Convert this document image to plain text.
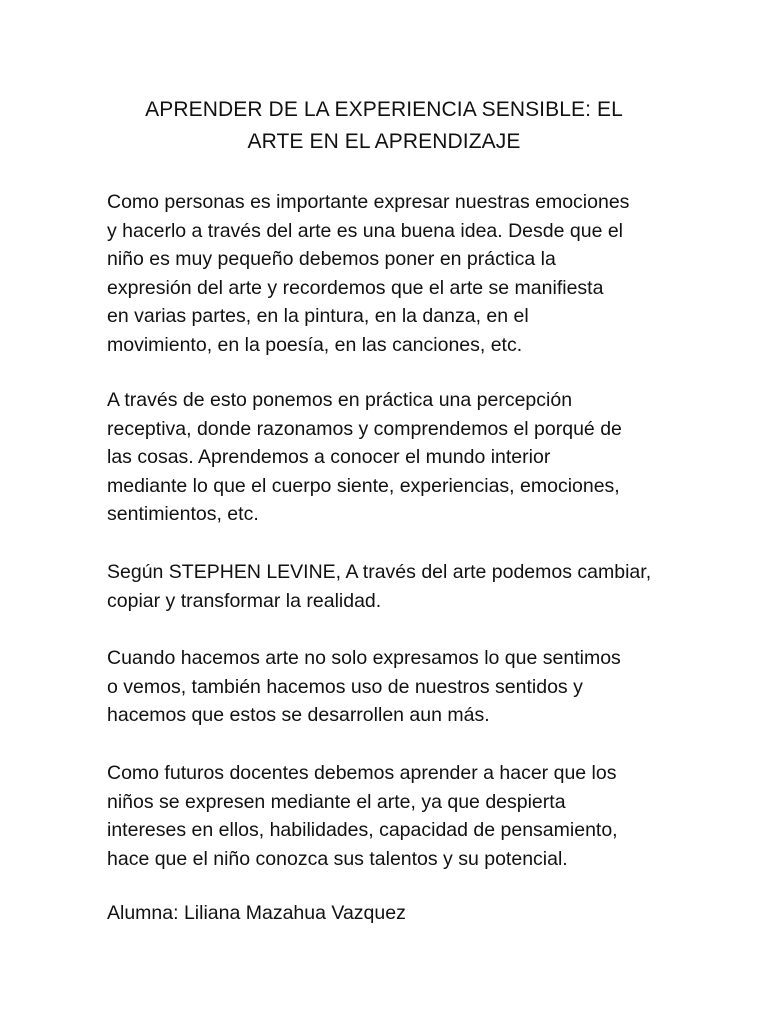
APRENDER DE LA EXPERIENCIA SENSIBLE: EL
ARTE EN EL APRENDIZAJE

Como personas es importante expresar nuestras emociones
y hacerlo a través del arte es una buena idea. Desde que el
niño es muy pequeño debemos poner en práctica la
expresión del arte y recordemos que el arte se manifiesta
en varias partes, en la pintura, en la danza, en el
movimiento, en la poesía, en las canciones, etc.

A través de esto ponemos en práctica una percepción
receptiva, donde razonamos y comprendemos el porqué de
las cosas. Aprendemos a conocer el mundo interior
mediante lo que el cuerpo siente, experiencias, emociones,
sentimientos, etc.

Según STEPHEN LEVINE, A través del arte podemos cambiar,
copiar y transformar la realidad.

Cuando hacemos arte no solo expresamos lo que sentimos
o vemos, también hacemos uso de nuestros sentidos y
hacemos que estos se desarrollen aun más.

Como futuros docentes debemos aprender a hacer que los
niños se expresen mediante el arte, ya que despierta
intereses en ellos, habilidades, capacidad de pensamiento,
hace que el niño conozca sus talentos y su potencial.

Alumna: Liliana Mazahua Vazquez
